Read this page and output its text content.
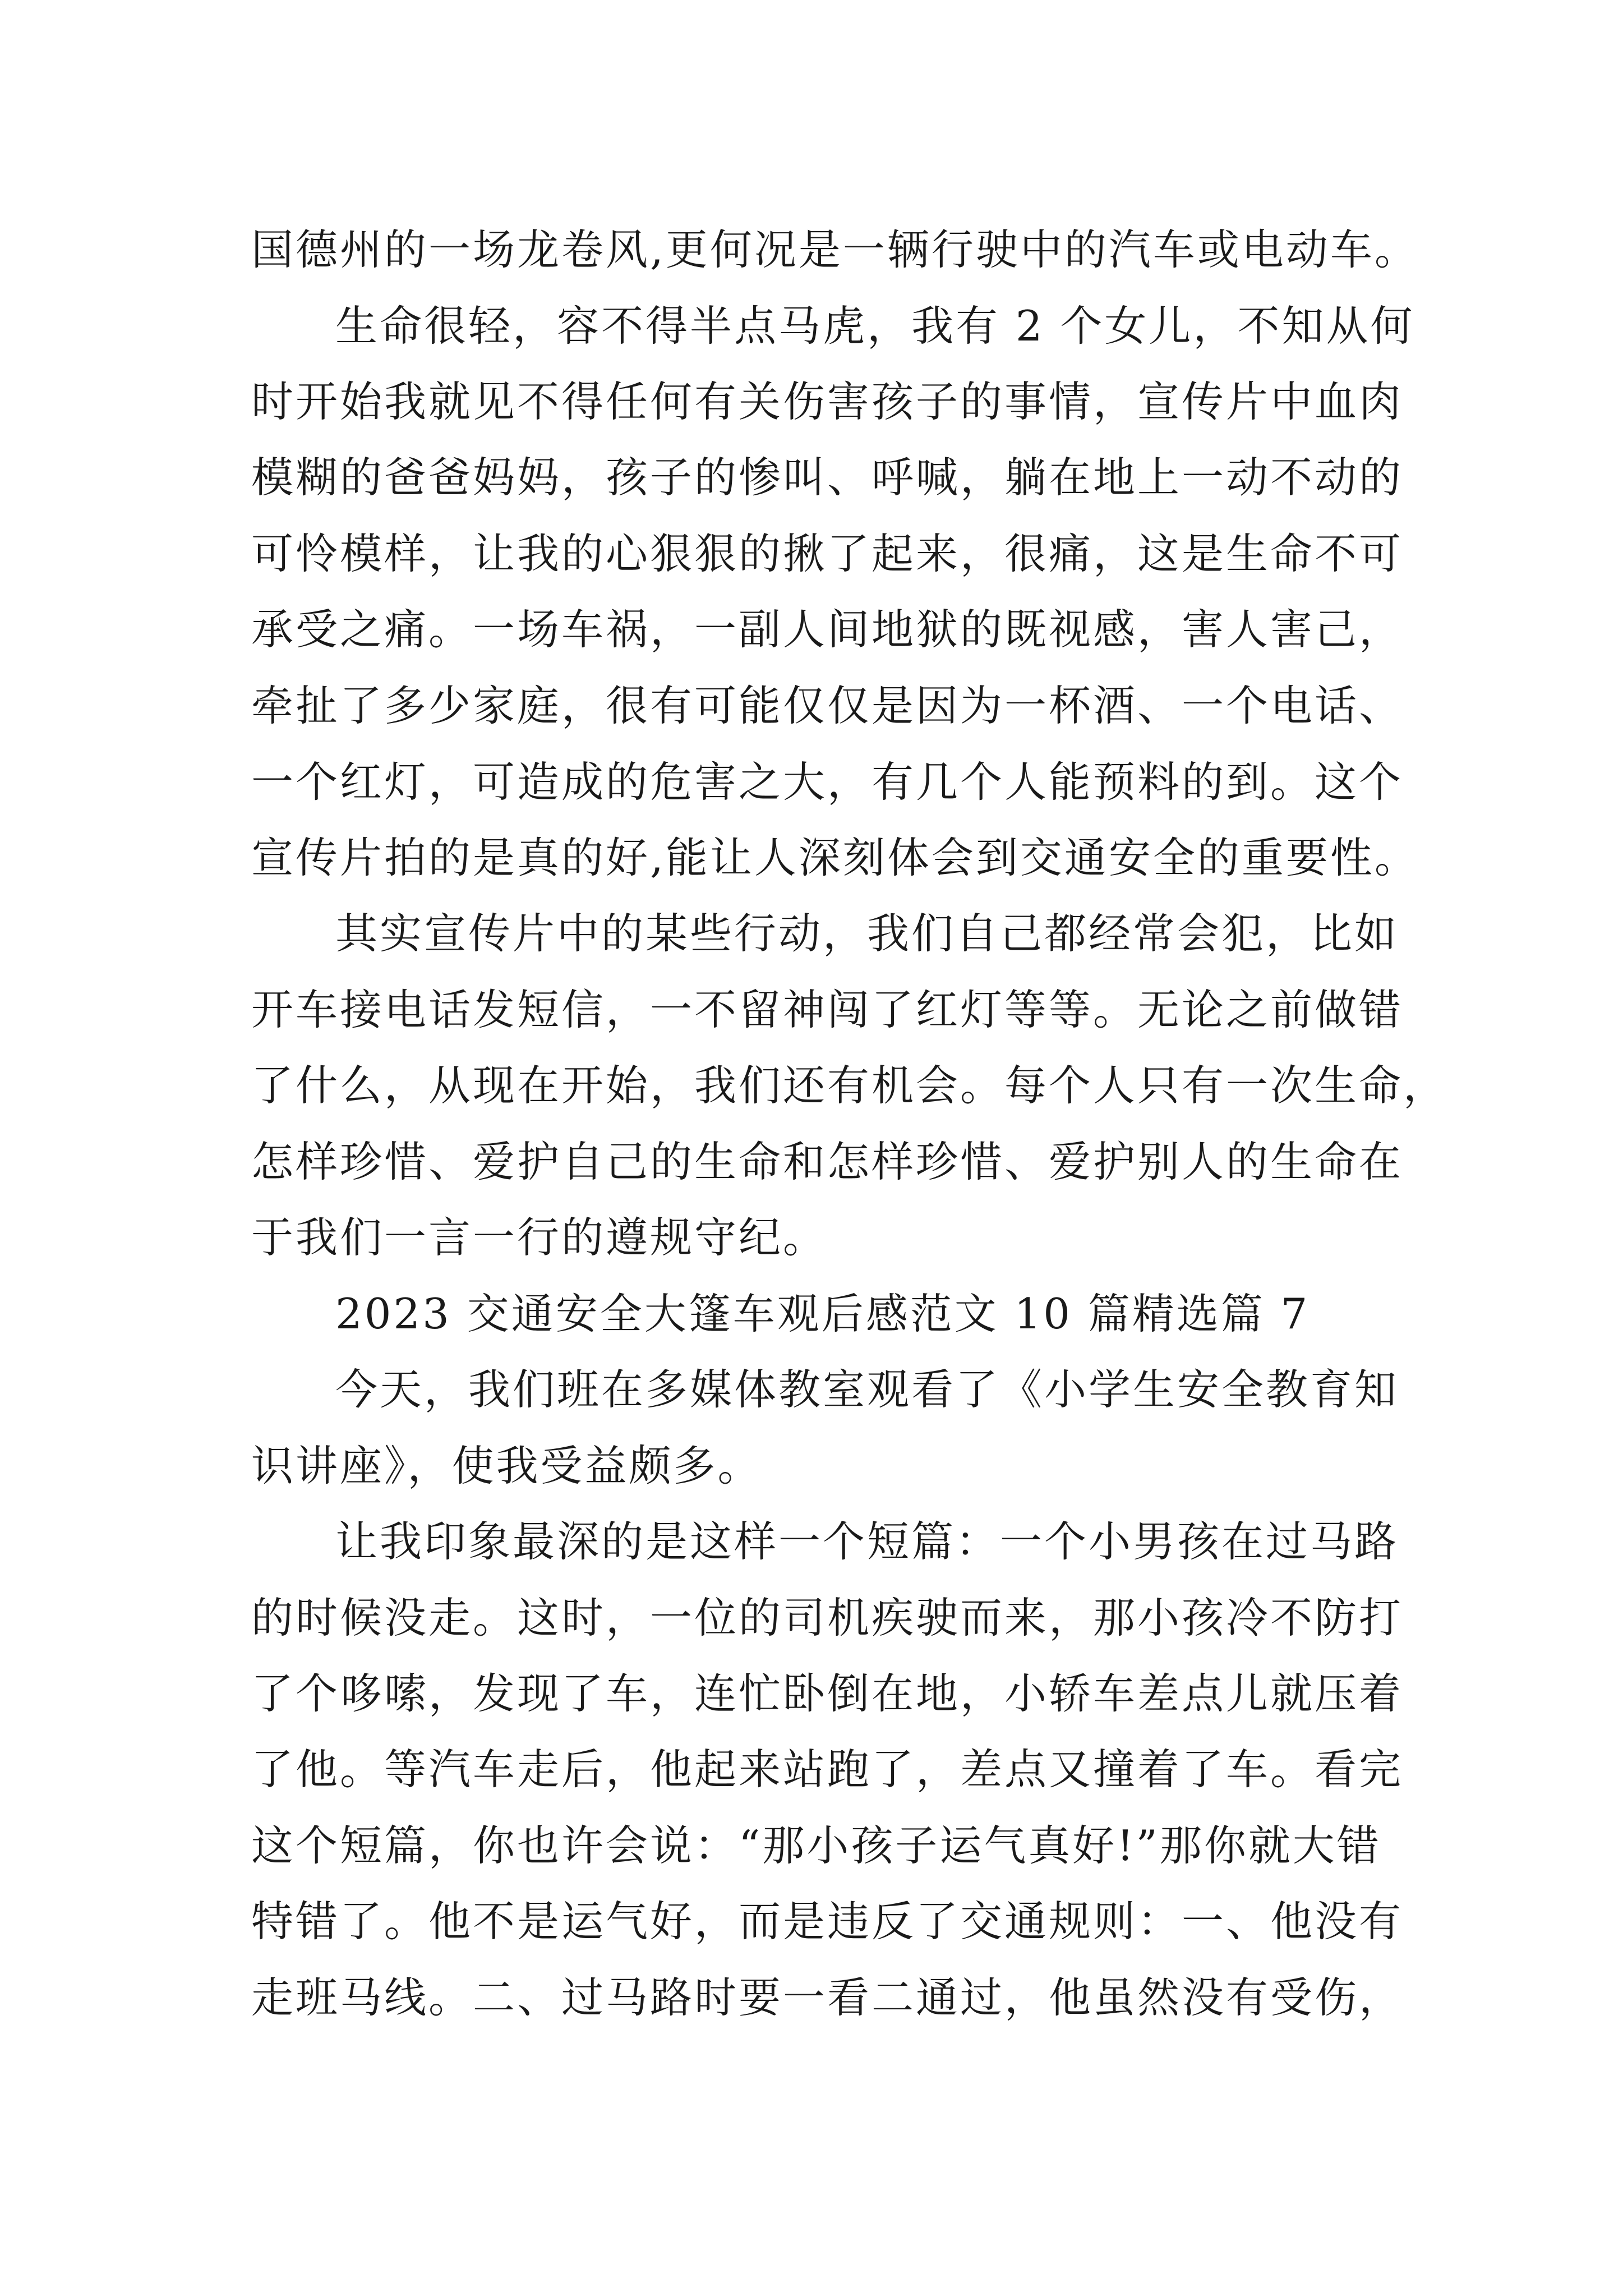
国德州的一场龙卷风,更何况是一辆行驶中的汽车或电动车。
生命很轻，容不得半点马虎，我有 2 个女儿，不知从何
时开始我就见不得任何有关伤害孩子的事情，宣传片中血肉
模糊的爸爸妈妈，孩子的惨叫、呼喊，躺在地上一动不动的
可怜模样，让我的心狠狠的揪了起来，很痛，这是生命不可
承受之痛。一场车祸，一副人间地狱的既视感，害人害己，
牵扯了多少家庭，很有可能仅仅是因为一杯酒、一个电话、
一个红灯，可造成的危害之大，有几个人能预料的到。这个
宣传片拍的是真的好,能让人深刻体会到交通安全的重要性。
其实宣传片中的某些行动，我们自己都经常会犯，比如
开车接电话发短信，一不留神闯了红灯等等。无论之前做错
了什么，从现在开始，我们还有机会。每个人只有一次生命，
怎样珍惜、爱护自己的生命和怎样珍惜、爱护别人的生命在
于我们一言一行的遵规守纪。
2023 交通安全大篷车观后感范文 10 篇精选篇 7
今天，我们班在多媒体教室观看了《小学生安全教育知
识讲座》，使我受益颇多。
让我印象最深的是这样一个短篇：一个小男孩在过马路
的时候没走。这时，一位的司机疾驶而来，那小孩冷不防打
了个哆嗦，发现了车，连忙卧倒在地，小轿车差点儿就压着
了他。等汽车走后，他起来站跑了，差点又撞着了车。看完
这个短篇，你也许会说：“那小孩子运气真好!”那你就大错
特错了。他不是运气好，而是违反了交通规则：一、他没有
走班马线。二、过马路时要一看二通过，他虽然没有受伤，
